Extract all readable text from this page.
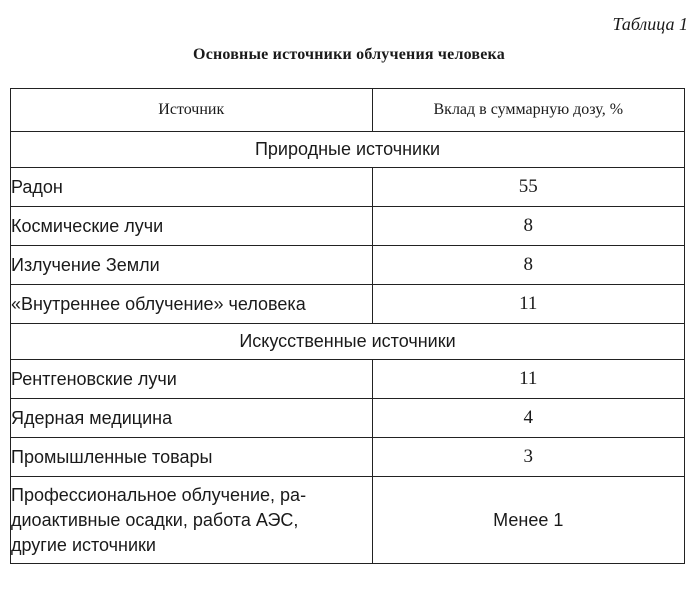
Таблица 1
Основные источники облучения человека
Источник	Вклад в суммарную дозу, %
Природные источники	
Радон	55
Космические лучи	8
Излучение Земли	8
«Внутреннее облучение» человека	11
Искусственные источники	
Рентгеновские лучи	11
Ядерная медицина	4
Промышленные товары	3

Профессиональное облучение, ра-
диоактивные осадки, работа АЭС,
другие источники	Менее 1
